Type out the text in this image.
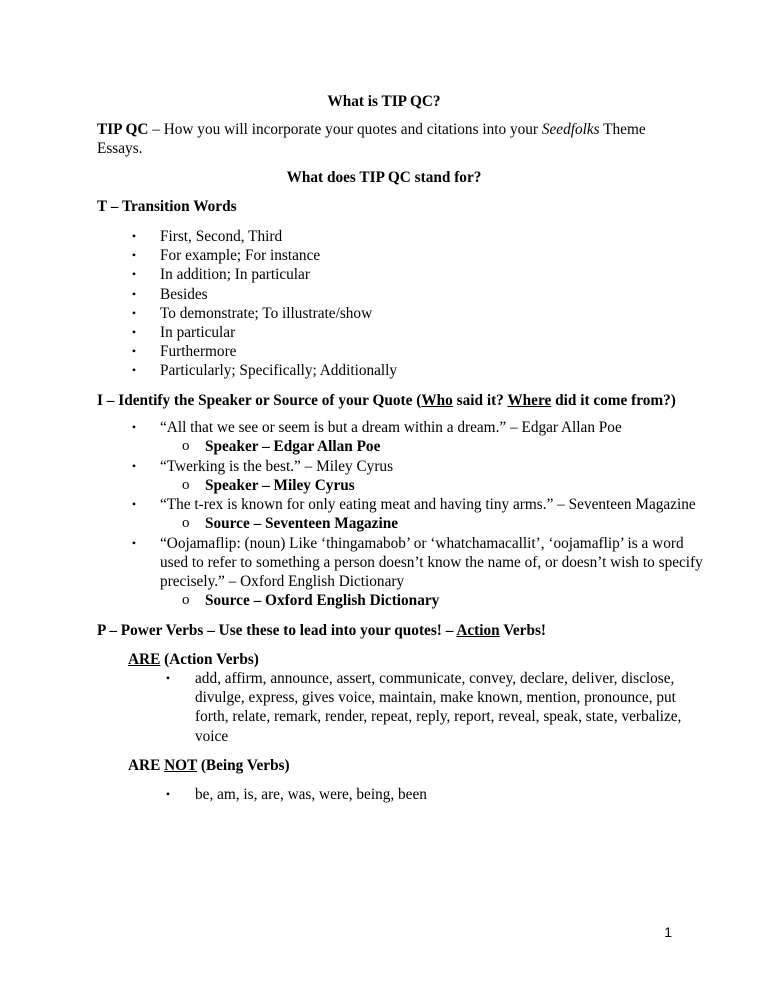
What is TIP QC?
TIP QC – How you will incorporate your quotes and citations into your Seedfolks Theme
Essays.
What does TIP QC stand for?
T – Transition Words
• First, Second, Third
• For example; For instance
• In addition; In particular
• Besides
• To demonstrate; To illustrate/show
• In particular
• Furthermore
• Particularly; Specifically; Additionally
I – Identify the Speaker or Source of your Quote (Who said it? Where did it come from?)
• “All that we see or seem is but a dream within a dream.” – Edgar Allan Poe
o Speaker – Edgar Allan Poe
• “Twerking is the best.” – Miley Cyrus
o Speaker – Miley Cyrus
• “The t-rex is known for only eating meat and having tiny arms.” – Seventeen Magazine
o Source – Seventeen Magazine
• “Oojamaflip: (noun) Like ‘thingamabob’ or ‘whatchamacallit’, ‘oojamaflip’ is a word
used to refer to something a person doesn’t know the name of, or doesn’t wish to specify
precisely.” – Oxford English Dictionary
o Source – Oxford English Dictionary
P – Power Verbs – Use these to lead into your quotes! – Action Verbs!
ARE (Action Verbs)
• add, affirm, announce, assert, communicate, convey, declare, deliver, disclose,
divulge, express, gives voice, maintain, make known, mention, pronounce, put
forth, relate, remark, render, repeat, reply, report, reveal, speak, state, verbalize,
voice
ARE NOT (Being Verbs)
• be, am, is, are, was, were, being, been
1
